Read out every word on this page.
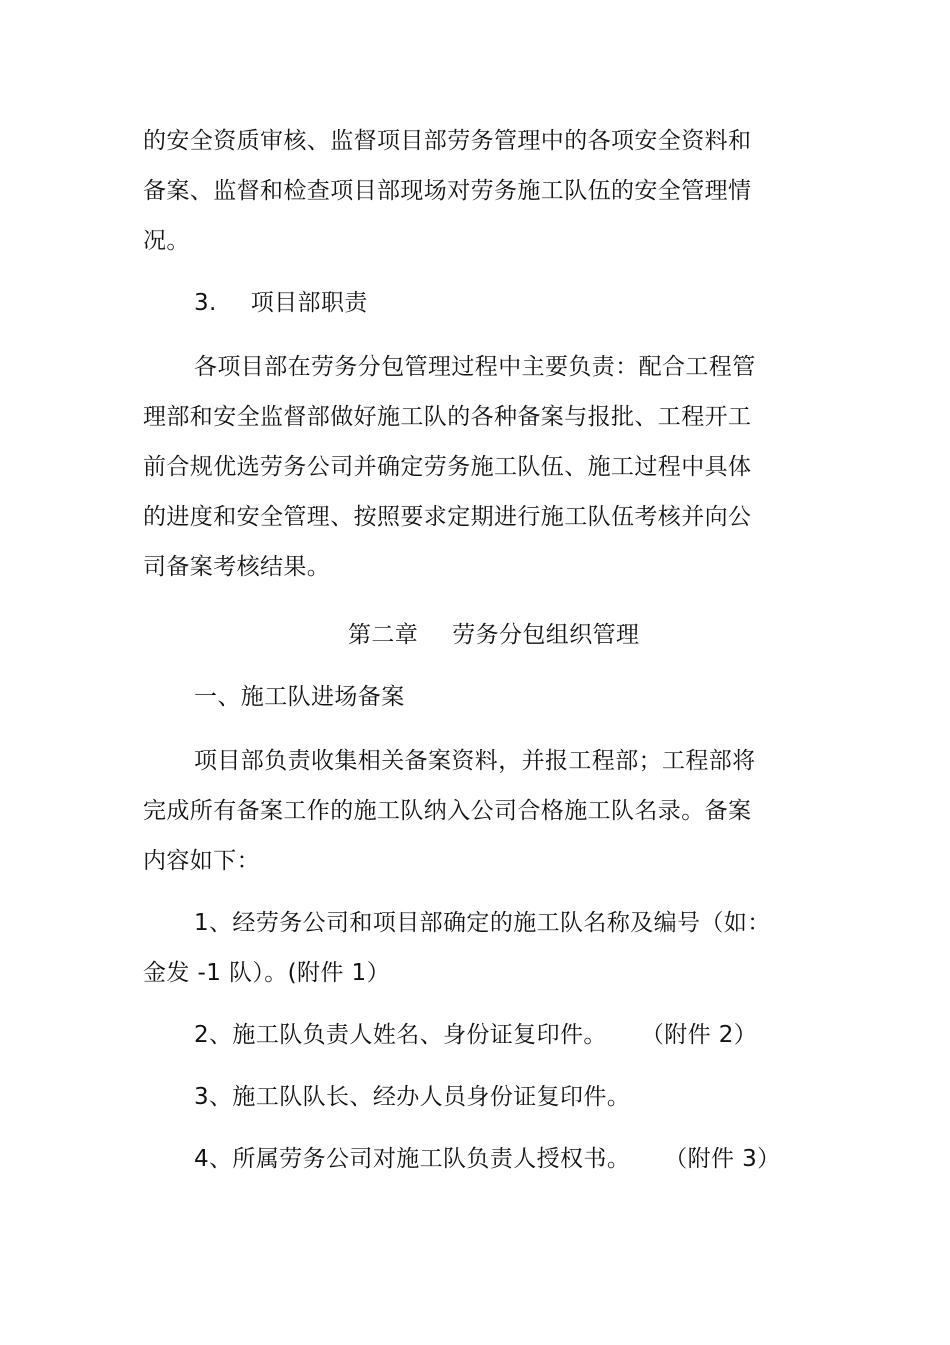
的安全资质审核、监督项目部劳务管理中的各项安全资料和
备案、监督和检查项目部现场对劳务施工队伍的安全管理情
况。
3. 项目部职责
各项目部在劳务分包管理过程中主要负责：配合工程管
理部和安全监督部做好施工队的各种备案与报批、工程开工
前合规优选劳务公司并确定劳务施工队伍、施工过程中具体
的进度和安全管理、按照要求定期进行施工队伍考核并向公
司备案考核结果。
第二章 劳务分包组织管理
一、施工队进场备案
项目部负责收集相关备案资料，并报工程部；工程部将
完成所有备案工作的施工队纳入公司合格施工队名录。备案
内容如下：
1、经劳务公司和项目部确定的施工队名称及编号（如：
金发 -1 队）。(附件 1）
2、施工队负责人姓名、身份证复印件。 （附件 2）
3、施工队队长、经办人员身份证复印件。
4、所属劳务公司对施工队负责人授权书。 （附件 3）
